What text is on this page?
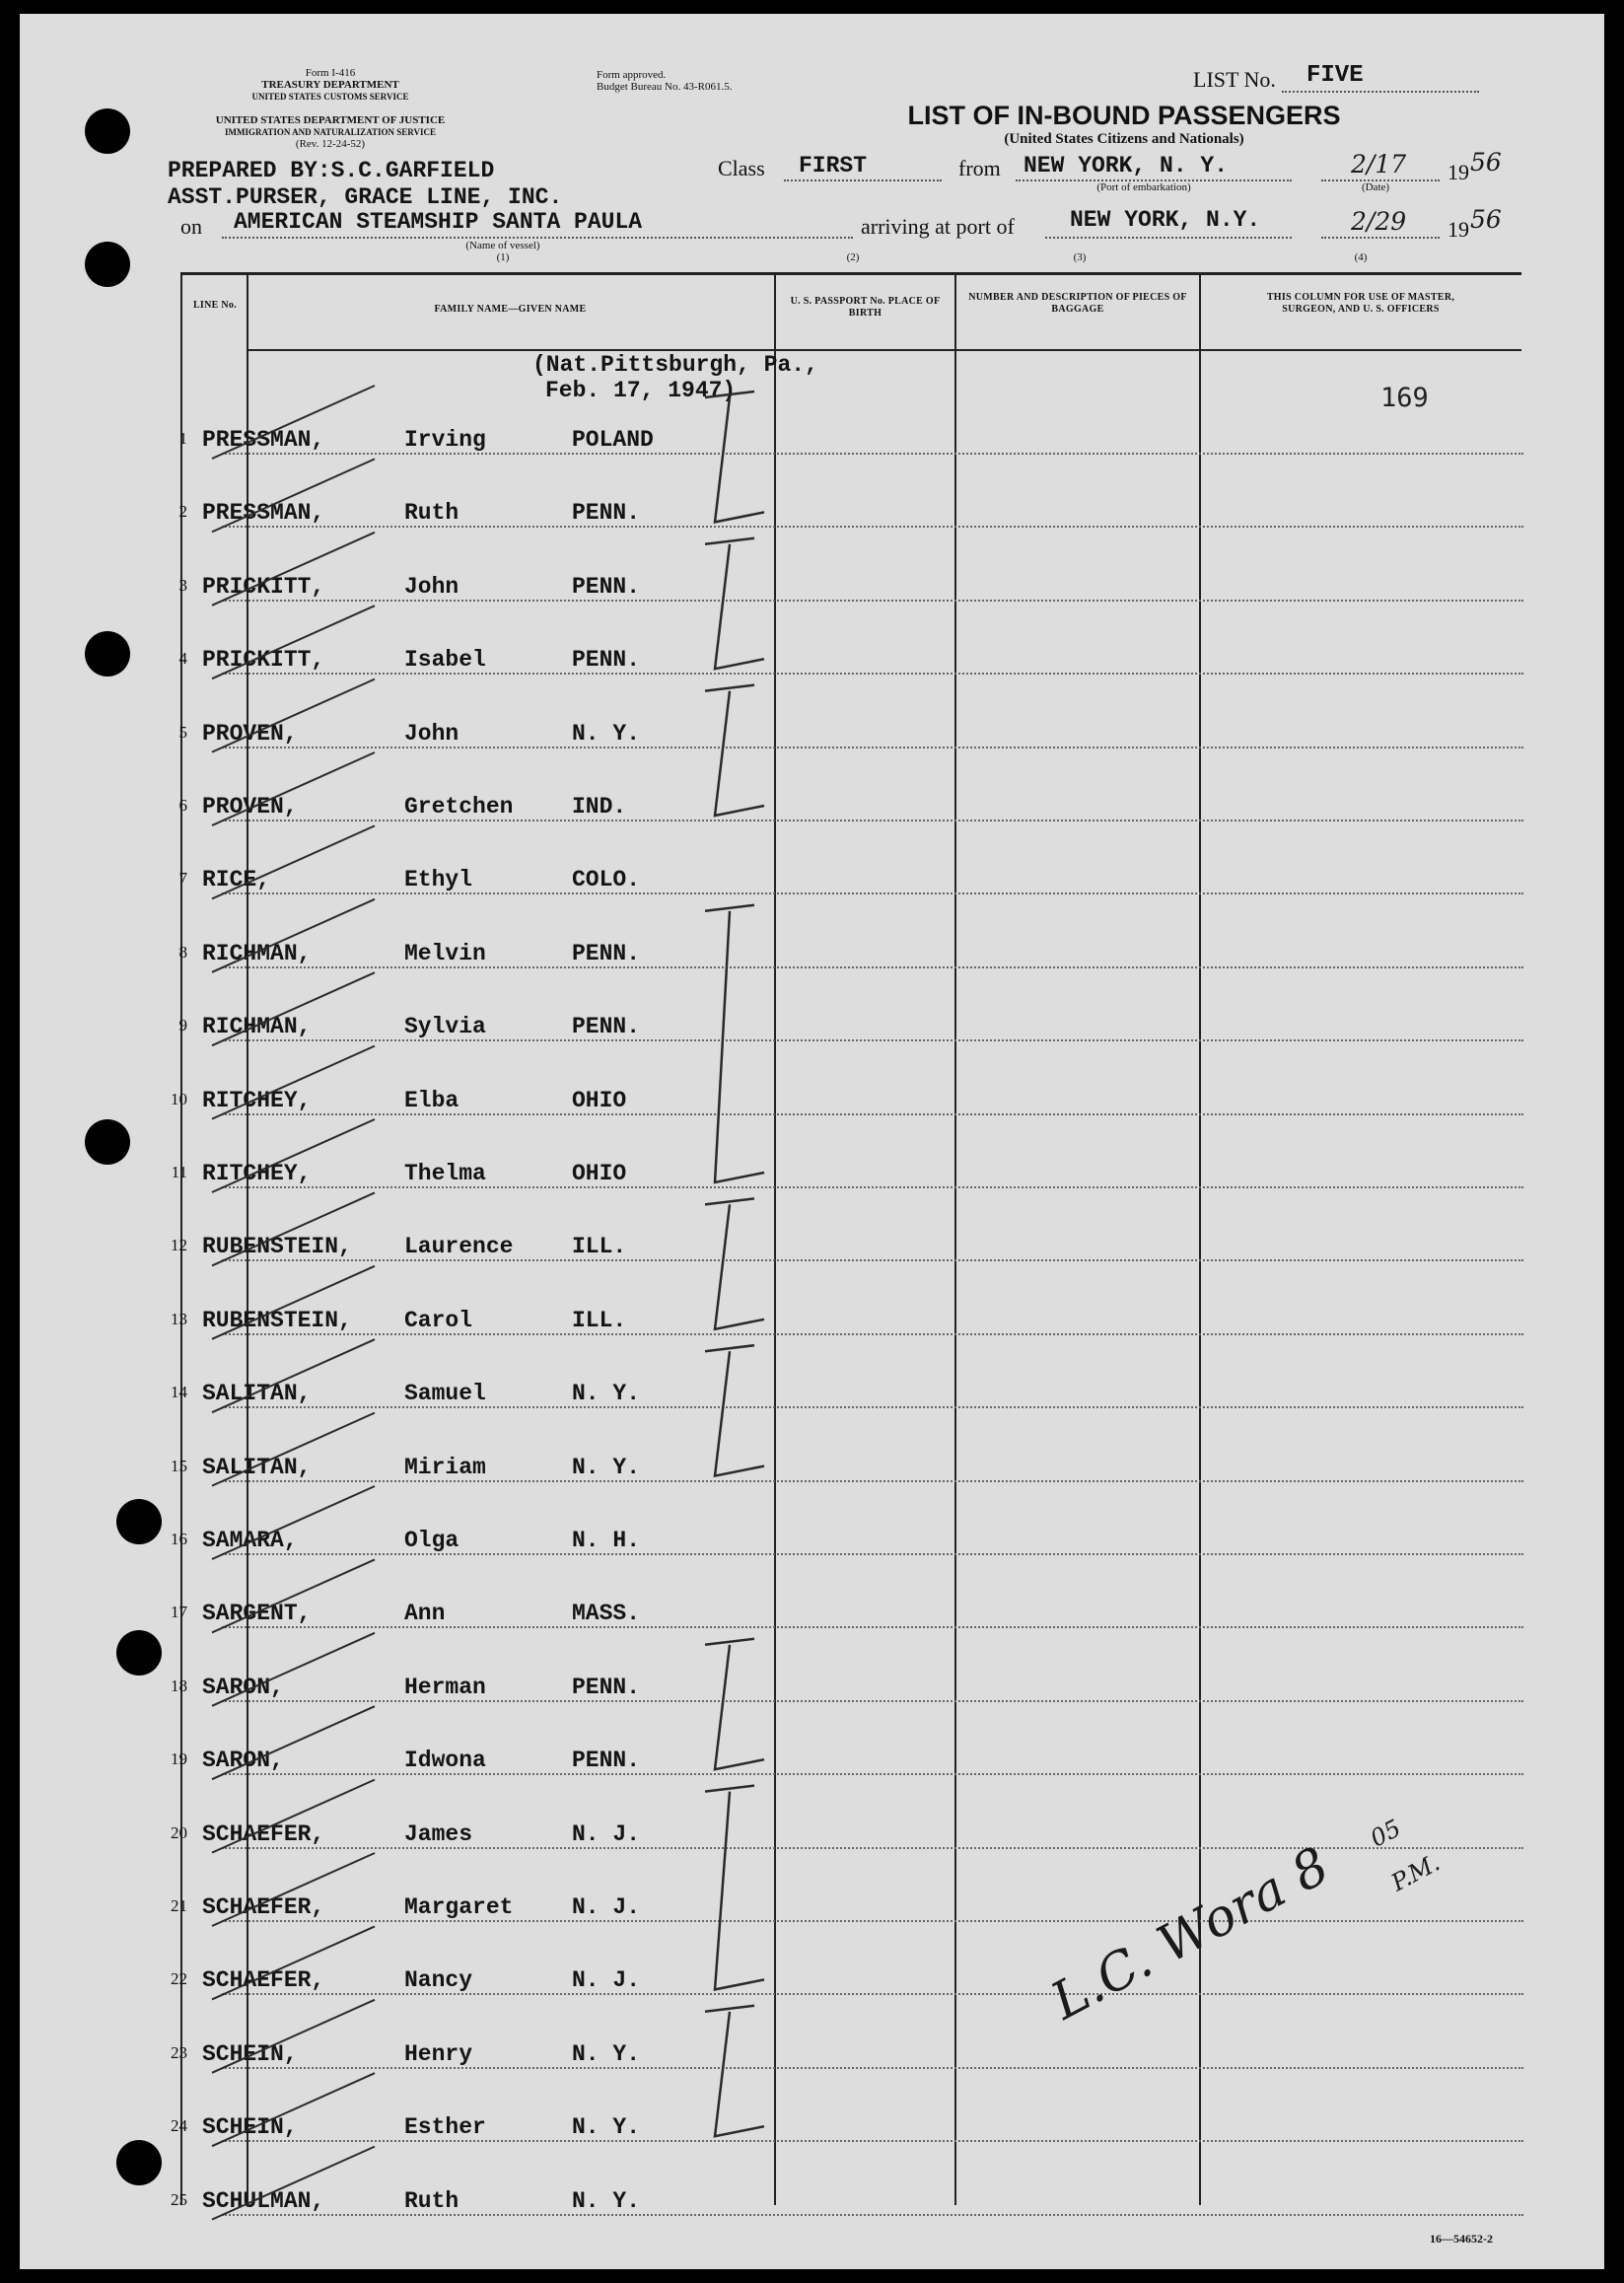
Form I-416
TREASURY DEPARTMENT
UNITED STATES CUSTOMS SERVICE
UNITED STATES DEPARTMENT OF JUSTICE
IMMIGRATION AND NATURALIZATION SERVICE
(Rev. 12-24-52)
Form approved.
Budget Bureau No. 43-R061.5.	LIST No. FIVE
LIST OF IN-BOUND PASSENGERS
(United States Citizens and Nationals)
PREPARED BY:S.C.GARFIELD
ASST.PURSER, GRACE LINE, INC.
on AMERICAN STEAMSHIP SANTA PAULA
(Name of vessel)
(1)
Class FIRST	from NEW YORK, N. Y.
(Port of embarkation)
2/17 19 56
(Date)
arriving at port of NEW YORK, N.Y.
(2)	(3)
2/29 19 56
(4)
LINE No.	FAMILY NAME—GIVEN NAME
U. S. PASSPORT No. PLACE OF BIRTH
NUMBER AND DESCRIPTION OF PIECES OF BAGGAGE
THIS COLUMN FOR USE OF MASTER, SURGEON, AND U. S. OFFICERS
(Nat.Pittsburgh, Pa.,
Feb. 17, 1947)	169
1 PRESSMAN,	Irving	POLAND
2 PRESSMAN,	Ruth	PENN.
3 PRICKITT,	John	PENN.
4 PRICKITT,	Isabel	PENN.
5 PROVEN,	John	N. Y.
6 PROVEN,	Gretchen	IND.
7 RICE,	Ethyl	COLO.
8 RICHMAN,	Melvin	PENN.
9 RICHMAN,	Sylvia	PENN.
10 RITCHEY,	Elba	OHIO
11 RITCHEY,	Thelma	OHIO
12 RUBENSTEIN, Laurence	ILL.
13 RUBENSTEIN, Carol	ILL.
14 SALITAN,	Samuel	N. Y.
15 SALITAN,	Miriam	N. Y.
16 SAMARA,	Olga	N. H.
17 SARGENT,	Ann	MASS.
18 SARON,	Herman	PENN.
19 SARON,	Idwona	PENN.
20 SCHAEFER,	James	N. J.
21 SCHAEFER,	Margaret	N. J.
22 SCHAEFER,	Nancy	N. J.
23 SCHEIN,	Henry	N. Y.
24 SCHEIN,	Esther	N. Y.
25 SCHULMAN,	Ruth	N. Y.
L.C. Wora 8
05
P.M.
16—54652-2
